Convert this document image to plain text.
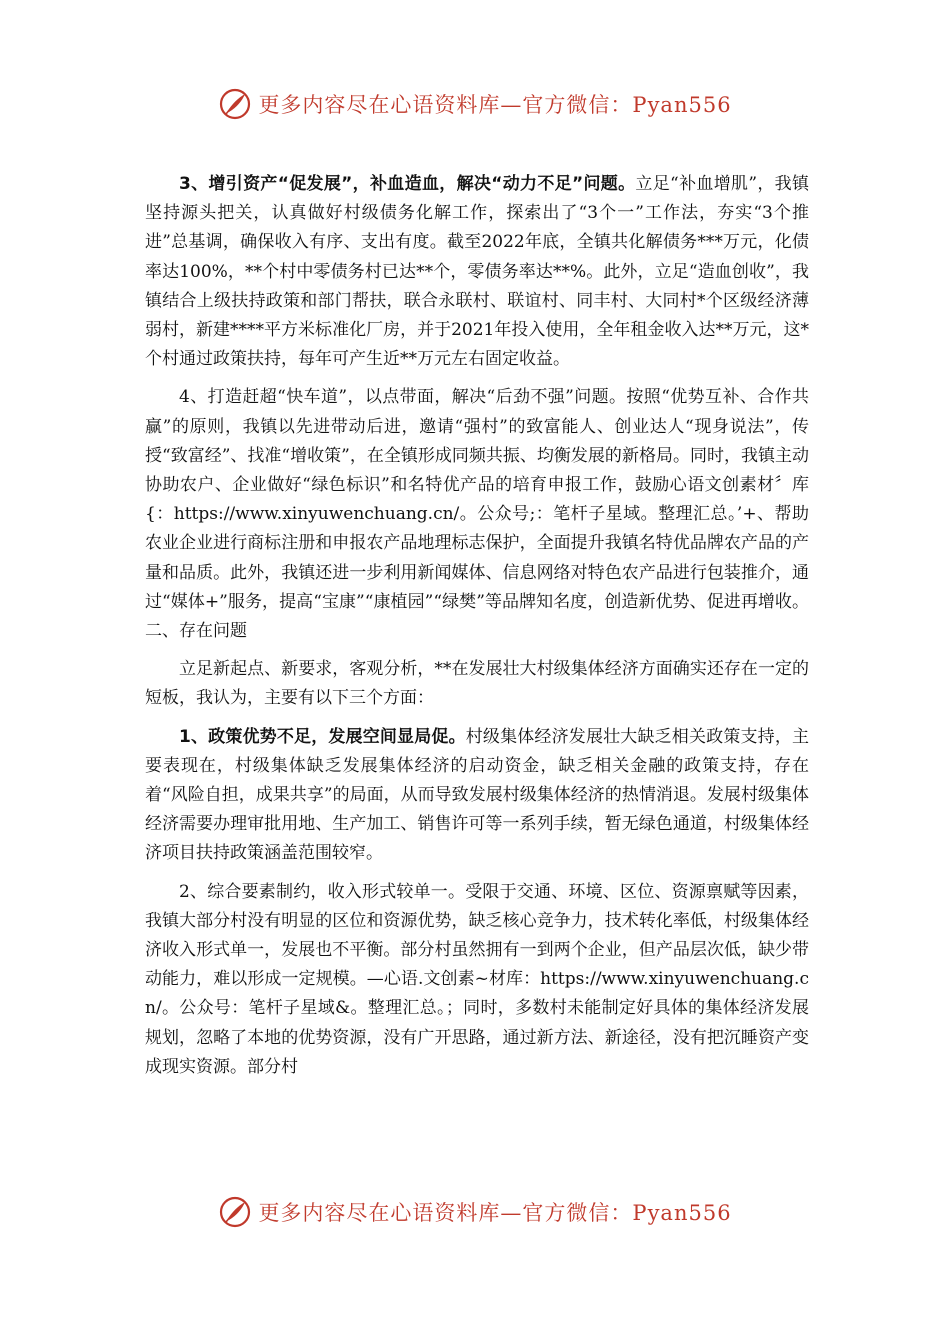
更多内容尽在心语资料库—官方微信：Pyan556

3、增引资产“促发展”，补血造血，解决“动力不足”问题。立足“补血增肌”，我镇坚持源头把关，认真做好村级债务化解工作，探索出了“3个一”工作法，夯实“3个推进”总基调，确保收入有序、支出有度。截至2022年底，全镇共化解债务***万元，化债率达100%，**个村中零债务村已达**个，零债务率达**%。此外，立足“造血创收”，我镇结合上级扶持政策和部门帮扶，联合永联村、联谊村、同丰村、大同村*个区级经济薄弱村，新建****平方米标准化厂房，并于2021年投入使用，全年租金收入达**万元，这*个村通过政策扶持，每年可产生近**万元左右固定收益。

4、打造赶超“快车道”，以点带面，解决“后劲不强”问题。按照“优势互补、合作共赢”的原则，我镇以先进带动后进，邀请“强村”的致富能人、创业达人“现身说法”，传授“致富经”、找准“增收策”，在全镇形成同频共振、均衡发展的新格局。同时，我镇主动协助农户、企业做好“绿色标识”和名特优产品的培育申报工作，鼓励心语文创素材〞库{：https://www.xinyuwenchuang.cn/。公众号;：笔杆子星域。整理汇总。’+、帮助农业企业进行商标注册和申报农产品地理标志保护，全面提升我镇名特优品牌农产品的产量和品质。此外，我镇还进一步利用新闻媒体、信息网络对特色农产品进行包装推介，通过“媒体+”服务，提高“宝康”“康植园”“绿樊”等品牌知名度，创造新优势、促进再增收。二、存在问题

立足新起点、新要求，客观分析，**在发展壮大村级集体经济方面确实还存在一定的短板，我认为，主要有以下三个方面：

1、政策优势不足，发展空间显局促。村级集体经济发展壮大缺乏相关政策支持，主要表现在，村级集体缺乏发展集体经济的启动资金，缺乏相关金融的政策支持，存在着“风险自担，成果共享”的局面，从而导致发展村级集体经济的热情消退。发展村级集体经济需要办理审批用地、生产加工、销售许可等一系列手续，暂无绿色通道，村级集体经济项目扶持政策涵盖范围较窄。

2、综合要素制约，收入形式较单一。受限于交通、环境、区位、资源禀赋等因素，我镇大部分村没有明显的区位和资源优势，缺乏核心竞争力，技术转化率低，村级集体经济收入形式单一，发展也不平衡。部分村虽然拥有一到两个企业，但产品层次低，缺少带动能力，难以形成一定规模。—心语.文创素~材库：https://www.xinyuwenchuang.cn/。公众号：笔杆子星域&。整理汇总。；同时，多数村未能制定好具体的集体经济发展规划，忽略了本地的优势资源，没有广开思路，通过新方法、新途径，没有把沉睡资产变成现实资源。部分村

更多内容尽在心语资料库—官方微信：Pyan556
